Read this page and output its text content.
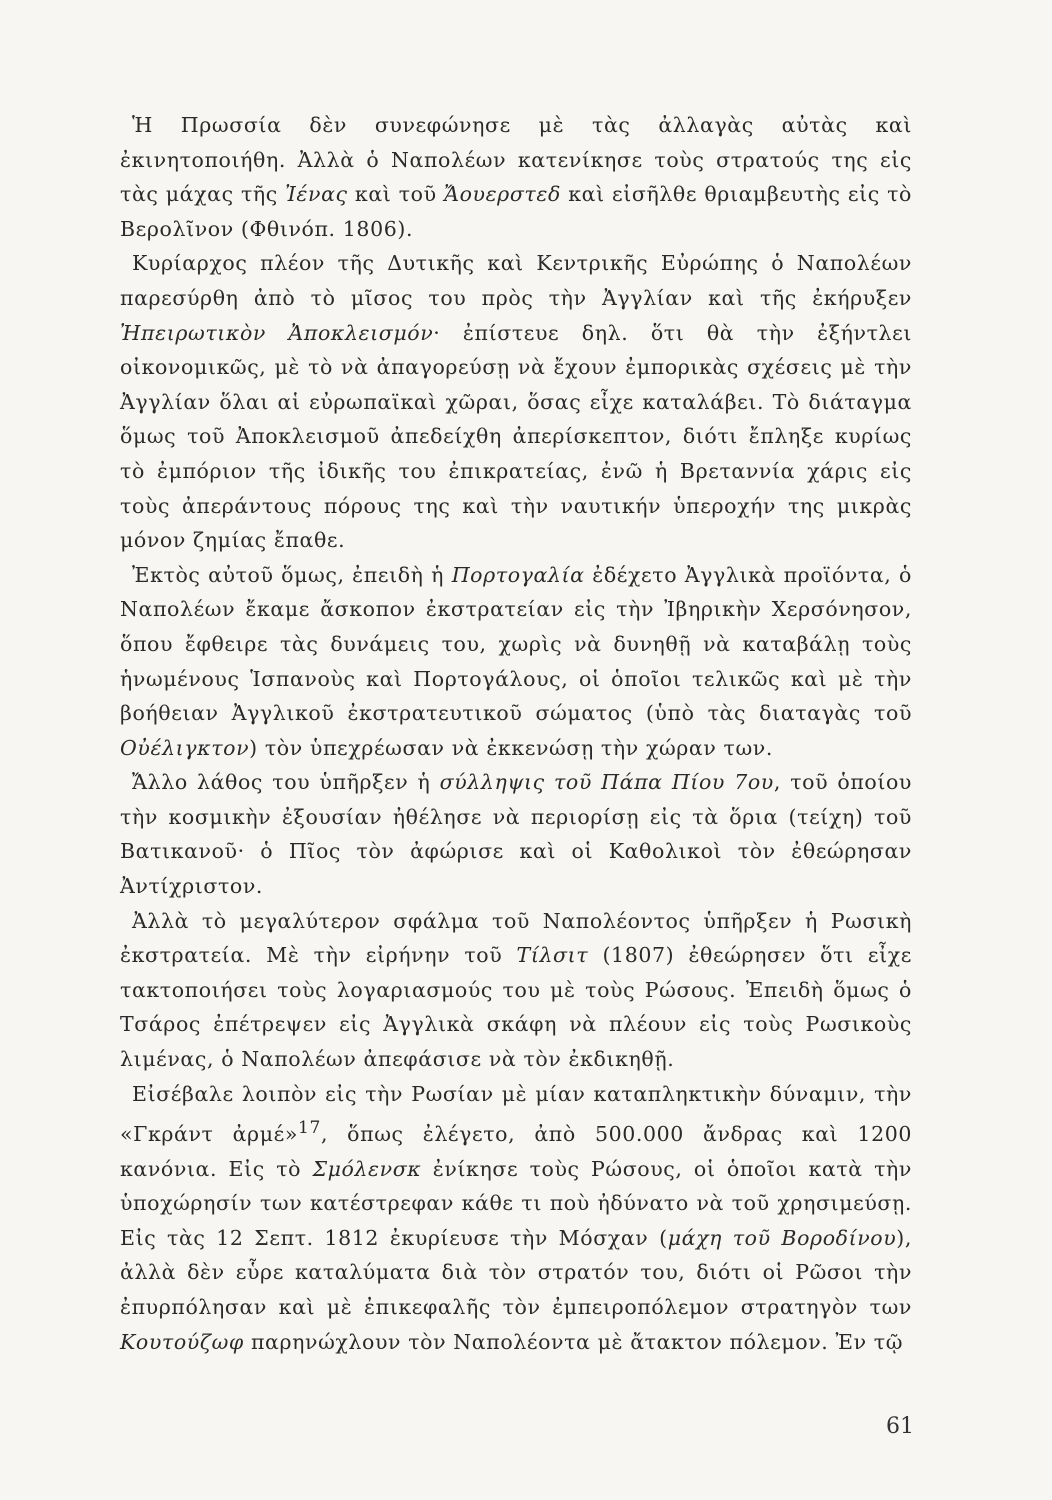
Ἡ Πρωσσία δὲν συνεφώνησε μὲ τὰς ἀλλαγὰς αὐτὰς καὶ ἐκινητοποιήθη. Ἀλλὰ ὁ Ναπολέων κατενίκησε τοὺς στρατούς της εἰς τὰς μάχας τῆς Ἰένας καὶ τοῦ Ἄουερστεδ καὶ εἰσῆλθε θριαμβευτὴς εἰς τὸ Βερολῖνον (Φθινόπ. 1806).

Κυρίαρχος πλέον τῆς Δυτικῆς καὶ Κεντρικῆς Εὐρώπης ὁ Ναπολέων παρεσύρθη ἀπὸ τὸ μῖσος του πρὸς τὴν Ἀγγλίαν καὶ τῆς ἐκήρυξεν Ἠπειρωτικὸν Ἀποκλεισμόν· ἐπίστευε δηλ. ὅτι θὰ τὴν ἐξήντλει οἰκονομικῶς, μὲ τὸ νὰ ἀπαγορεύσῃ νὰ ἔχουν ἐμπορικὰς σχέσεις μὲ τὴν Ἀγγλίαν ὅλαι αἱ εὐρωπαϊκαὶ χῶραι, ὅσας εἶχε καταλάβει. Τὸ διάταγμα ὅμως τοῦ Ἀποκλεισμοῦ ἀπεδείχθη ἀπερίσκεπτον, διότι ἔπληξε κυρίως τὸ ἐμπόριον τῆς ἰδικῆς του ἐπικρατείας, ἐνῶ ἡ Βρεταννία χάρις εἰς τοὺς ἀπεράντους πόρους της καὶ τὴν ναυτικήν ὑπεροχήν της μικρὰς μόνον ζημίας ἔπαθε.

Ἐκτὸς αὐτοῦ ὅμως, ἐπειδὴ ἡ Πορτογαλία ἐδέχετο Ἀγγλικὰ προϊόντα, ὁ Ναπολέων ἔκαμε ἄσκοπον ἐκστρατείαν εἰς τὴν Ἰβηρικὴν Χερσόνησον, ὅπου ἔφθειρε τὰς δυνάμεις του, χωρὶς νὰ δυνηθῇ νὰ καταβάλῃ τοὺς ἡνωμένους Ἱσπανοὺς καὶ Πορτογάλους, οἱ ὁποῖοι τελικῶς καὶ μὲ τὴν βοήθειαν Ἀγγλικοῦ ἐκστρατευτικοῦ σώματος (ὑπὸ τὰς διαταγὰς τοῦ Οὐέλιγκτον) τὸν ὑπεχρέωσαν νὰ ἐκκενώσῃ τὴν χώραν των.

Ἄλλο λάθος του ὑπῆρξεν ἡ σύλληψις τοῦ Πάπα Πίου 7ου, τοῦ ὁποίου τὴν κοσμικὴν ἐξουσίαν ἠθέλησε νὰ περιορίσῃ εἰς τὰ ὅρια (τείχη) τοῦ Βατικανοῦ· ὁ Πῖος τὸν ἀφώρισε καὶ οἱ Καθολικοὶ τὸν ἐθεώρησαν Ἀντίχριστον.

Ἀλλὰ τὸ μεγαλύτερον σφάλμα τοῦ Ναπολέοντος ὑπῆρξεν ἡ Ρωσικὴ ἐκστρατεία. Μὲ τὴν εἰρήνην τοῦ Τίλσιτ (1807) ἐθεώρησεν ὅτι εἶχε τακτοποιήσει τοὺς λογαριασμούς του μὲ τοὺς Ρώσους. Ἐπειδὴ ὅμως ὁ Τσάρος ἐπέτρεψεν εἰς Ἀγγλικὰ σκάφη νὰ πλέουν εἰς τοὺς Ρωσικοὺς λιμένας, ὁ Ναπολέων ἀπεφάσισε νὰ τὸν ἐκδικηθῇ.

Εἰσέβαλε λοιπὸν εἰς τὴν Ρωσίαν μὲ μίαν καταπληκτικὴν δύναμιν, τὴν «Γκράντ ἀρμέ»$^{17}$, ὅπως ἐλέγετο, ἀπὸ 500.000 ἄνδρας καὶ 1200 κανόνια. Εἰς τὸ Σμόλενσκ ἐνίκησε τοὺς Ρώσους, οἱ ὁποῖοι κατὰ τὴν ὑποχώρησίν των κατέστρεφαν κάθε τι ποὺ ἠδύνατο νὰ τοῦ χρησιμεύσῃ. Εἰς τὰς 12 Σεπτ. 1812 ἐκυρίευσε τὴν Μόσχαν (μάχη τοῦ Βοροδίνου), ἀλλὰ δὲν εὗρε καταλύματα διὰ τὸν στρατόν του, διότι οἱ Ρῶσοι τὴν ἐπυρπόλησαν καὶ μὲ ἐπικεφαλῆς τὸν ἐμπειροπόλεμον στρατηγὸν των Κουτούζωφ παρηνώχλουν τὸν Ναπολέοντα μὲ ἄτακτον πόλεμον. Ἐν τῷ

61
